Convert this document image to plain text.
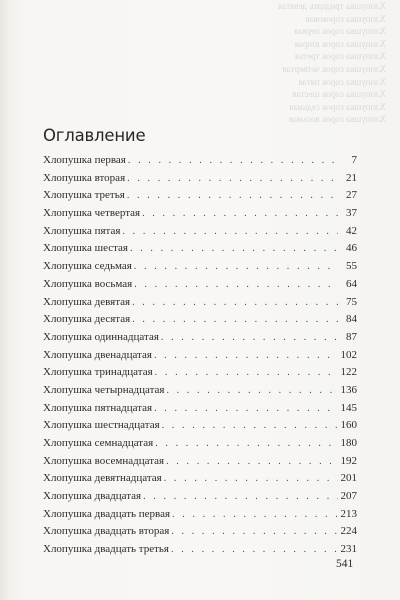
Хлопушка тридцать девятая
Хлопушка сороковая
Хлопушка сорок первая
Хлопушка сорок вторая
Хлопушка сорок третья
Хлопушка сорок четвертая
Хлопушка сорок пятая
Хлопушка сорок шестая
Хлопушка сорок седьмая
Хлопушка сорок восьмая
Оглавление
Хлопушка первая . . .	7
Хлопушка вторая . . .	21
Хлопушка третья . . .	27
Хлопушка четвертая . . .	37
Хлопушка пятая . . .	42
Хлопушка шестая . . .	46
Хлопушка седьмая . . .	55
Хлопушка восьмая . . .	64
Хлопушка девятая . . .	75
Хлопушка десятая . . .	84
Хлопушка одиннадцатая . . .	87
Хлопушка двенадцатая . . .	102
Хлопушка тринадцатая . . .	122
Хлопушка четырнадцатая . . .	136
Хлопушка пятнадцатая . . .	145
Хлопушка шестнадцатая . . .	160
Хлопушка семнадцатая . . .	180
Хлопушка восемнадцатая . . .	192
Хлопушка девятнадцатая . . .	201
Хлопушка двадцатая . . .	207
Хлопушка двадцать первая . . .	213
Хлопушка двадцать вторая . . .	224
Хлопушка двадцать третья . . .	231
541
